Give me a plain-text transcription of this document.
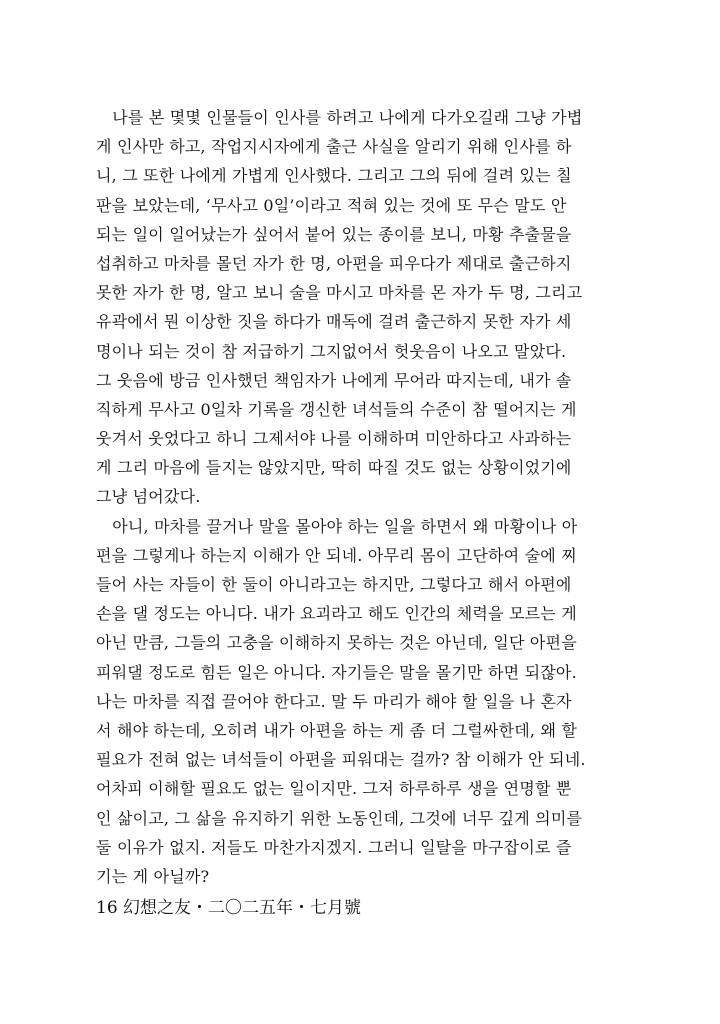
　나를 본 몇몇 인물들이 인사를 하려고 나에게 다가오길래 그냥 가볍
게 인사만 하고, 작업지시자에게 출근 사실을 알리기 위해 인사를 하
니, 그 또한 나에게 가볍게 인사했다. 그리고 그의 뒤에 걸려 있는 칠
판을 보았는데, ‘무사고 0일’이라고 적혀 있는 것에 또 무슨 말도 안
되는 일이 일어났는가 싶어서 붙어 있는 종이를 보니, 마황 추출물을
섭취하고 마차를 몰던 자가 한 명, 아편을 피우다가 제대로 출근하지
못한 자가 한 명, 알고 보니 술을 마시고 마차를 몬 자가 두 명, 그리고
유곽에서 뭔 이상한 짓을 하다가 매독에 걸려 출근하지 못한 자가 세
명이나 되는 것이 참 저급하기 그지없어서 헛웃음이 나오고 말았다.
그 웃음에 방금 인사했던 책임자가 나에게 무어라 따지는데, 내가 솔
직하게 무사고 0일차 기록을 갱신한 녀석들의 수준이 참 떨어지는 게
웃겨서 웃었다고 하니 그제서야 나를 이해하며 미안하다고 사과하는
게 그리 마음에 들지는 않았지만, 딱히 따질 것도 없는 상황이었기에
그냥 넘어갔다.
　아니, 마차를 끌거나 말을 몰아야 하는 일을 하면서 왜 마황이나 아
편을 그렇게나 하는지 이해가 안 되네. 아무리 몸이 고단하여 술에 찌
들어 사는 자들이 한 둘이 아니라고는 하지만, 그렇다고 해서 아편에
손을 댈 정도는 아니다. 내가 요괴라고 해도 인간의 체력을 모르는 게
아닌 만큼, 그들의 고충을 이해하지 못하는 것은 아닌데, 일단 아편을
피워댈 정도로 힘든 일은 아니다. 자기들은 말을 몰기만 하면 되잖아.
나는 마차를 직접 끌어야 한다고. 말 두 마리가 해야 할 일을 나 혼자
서 해야 하는데, 오히려 내가 아편을 하는 게 좀 더 그럴싸한데, 왜 할
필요가 전혀 없는 녀석들이 아편을 피워대는 걸까? 참 이해가 안 되네.
어차피 이해할 필요도 없는 일이지만. 그저 하루하루 생을 연명할 뿐
인 삶이고, 그 삶을 유지하기 위한 노동인데, 그것에 너무 깊게 의미를
둘 이유가 없지. 저들도 마찬가지겠지. 그러니 일탈을 마구잡이로 즐
기는 게 아닐까?
16 幻想之友・二〇二五年・七月號
